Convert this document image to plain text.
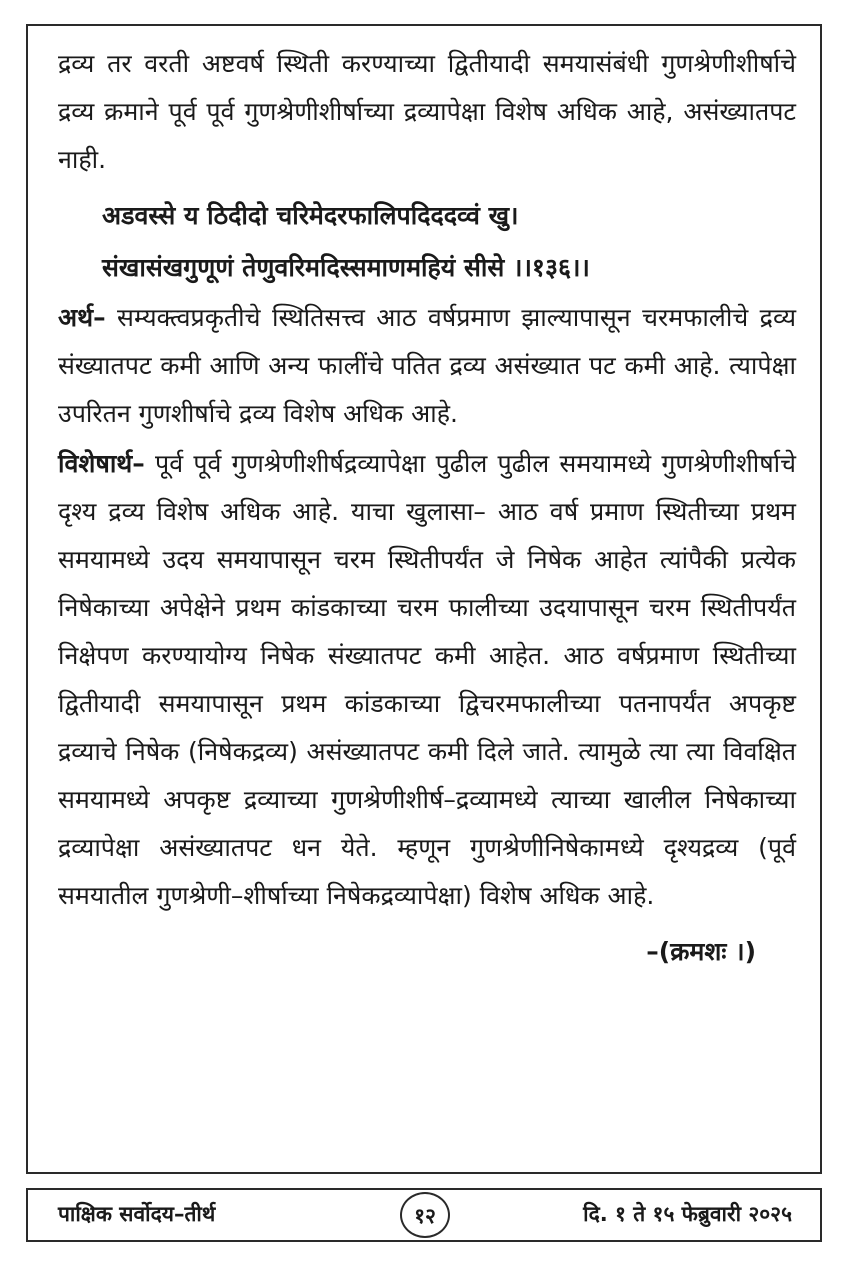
द्रव्य तर वरती अष्टवर्ष स्थिती करण्याच्या द्वितीयादी समयासंबंधी गुणश्रेणीशीर्षाचे द्रव्य क्रमाने पूर्व पूर्व गुणश्रेणीशीर्षाच्या द्रव्यापेक्षा विशेष अधिक आहे, असंख्यातपट नाही.

अडवस्से य ठिदीदो चरिमेदरफालिपदिददव्वं खु।

संखासंखगुणूणं तेणुवरिमदिस्समाणमहियं सीसे ।।१३६।।

अर्थ– सम्यक्त्वप्रकृतीचे स्थितिसत्त्व आठ वर्षप्रमाण झाल्यापासून चरमफालीचे द्रव्य संख्यातपट कमी आणि अन्य फालींचे पतित द्रव्य असंख्यात पट कमी आहे. त्यापेक्षा उपरितन गुणशीर्षाचे द्रव्य विशेष अधिक आहे.

विशेषार्थ– पूर्व पूर्व गुणश्रेणीशीर्षद्रव्यापेक्षा पुढील पुढील समयामध्ये गुणश्रेणीशीर्षाचे दृश्य द्रव्य विशेष अधिक आहे. याचा खुलासा– आठ वर्ष प्रमाण स्थितीच्या प्रथम समयामध्ये उदय समयापासून चरम स्थितीपर्यंत जे निषेक आहेत त्यांपैकी प्रत्येक निषेकाच्या अपेक्षेने प्रथम कांडकाच्या चरम फालीच्या उदयापासून चरम स्थितीपर्यंत निक्षेपण करण्यायोग्य निषेक संख्यातपट कमी आहेत. आठ वर्षप्रमाण स्थितीच्या द्वितीयादी समयापासून प्रथम कांडकाच्या द्विचरमफालीच्या पतनापर्यंत अपकृष्ट द्रव्याचे निषेक (निषेकद्रव्य) असंख्यातपट कमी दिले जाते. त्यामुळे त्या त्या विवक्षित समयामध्ये अपकृष्ट द्रव्याच्या गुणश्रेणीशीर्ष–द्रव्यामध्ये त्याच्या खालील निषेकाच्या द्रव्यापेक्षा असंख्यातपट धन येते. म्हणून गुणश्रेणीनिषेकामध्ये दृश्यद्रव्य (पूर्व समयातील गुणश्रेणी–शीर्षाच्या निषेकद्रव्यापेक्षा) विशेष अधिक आहे.

–(क्रमशः ।)

पाक्षिक सर्वोदय–तीर्थ	१२	दि. १ ते १५ फेब्रुवारी २०२५
